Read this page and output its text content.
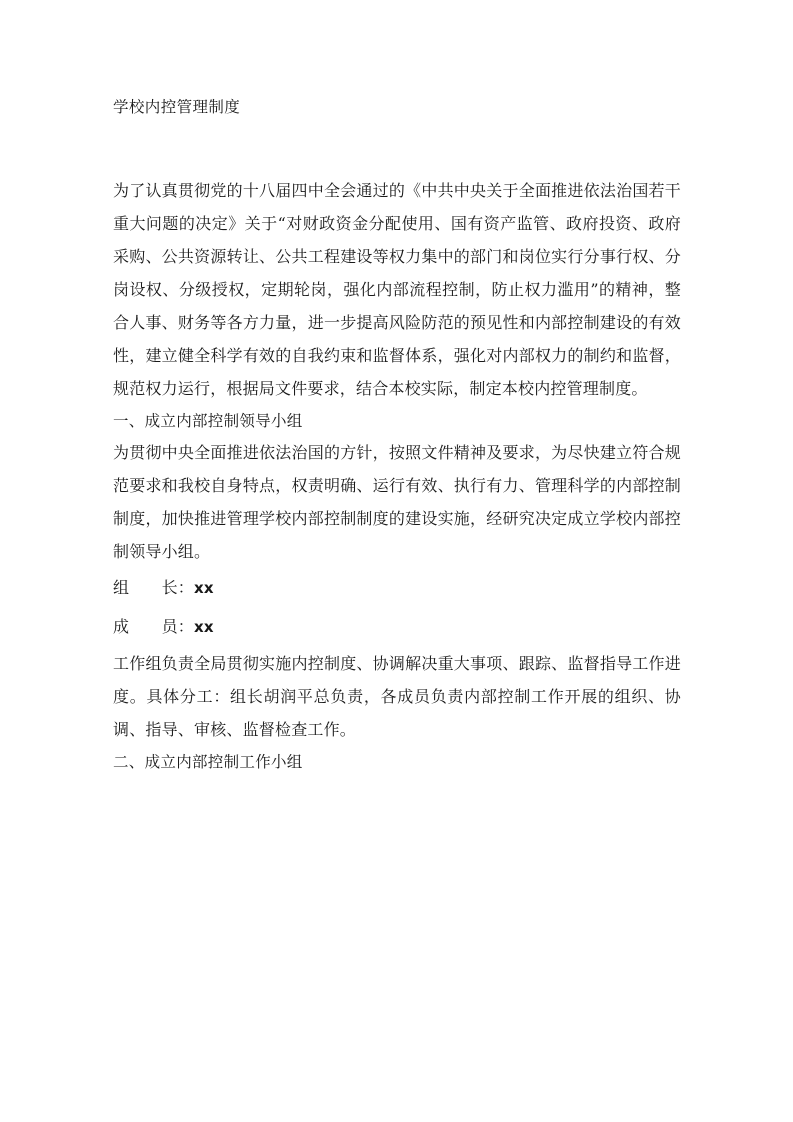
学校内控管理制度

为了认真贯彻党的十八届四中全会通过的《中共中央关于全面推进依法治国若干重大问题的决定》关于“对财政资金分配使用、国有资产监管、政府投资、政府采购、公共资源转让、公共工程建设等权力集中的部门和岗位实行分事行权、分岗设权、分级授权，定期轮岗，强化内部流程控制，防止权力滥用”的精神，整合人事、财务等各方力量，进一步提高风险防范的预见性和内部控制建设的有效性，建立健全科学有效的自我约束和监督体系，强化对内部权力的制约和监督，规范权力运行，根据局文件要求，结合本校实际，制定本校内控管理制度。

一、成立内部控制领导小组

为贯彻中央全面推进依法治国的方针，按照文件精神及要求，为尽快建立符合规范要求和我校自身特点，权责明确、运行有效、执行有力、管理科学的内部控制制度，加快推进管理学校内部控制制度的建设实施，经研究决定成立学校内部控制领导小组。

组　　长：xx

成　　员：xx

工作组负责全局贯彻实施内控制度、协调解决重大事项、跟踪、监督指导工作进度。具体分工：组长胡润平总负责，各成员负责内部控制工作开展的组织、协调、指导、审核、监督检查工作。

二、成立内部控制工作小组
